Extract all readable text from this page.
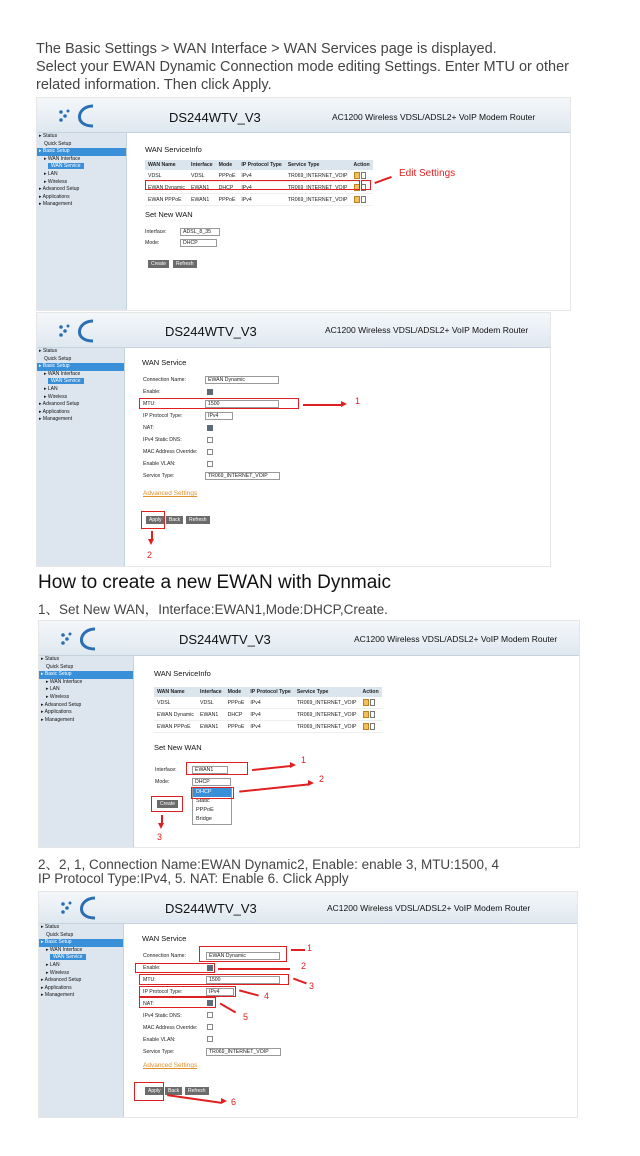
The Basic Settings > WAN Interface > WAN Services page is displayed.
Select your EWAN Dynamic Connection mode editing Settings. Enter MTU or other
related information. Then click Apply.
DS244WTV_V3	AC1200 Wireless VDSL/ADSL2+ VoIP Modem Router
▸ Status
Quick Setup
▸ Basic Setup
▸ WAN Interface
WAN Service
▸ LAN
▸ Wireless
▸ Advanced Setup
▸ Applications
▸ Management
WAN ServiceInfo
WAN Name	Interface	Mode	IP Protocol Type	Service Type	Action
VDSL	VDSL	PPPoE	IPv4	TR069_INTERNET_VOIP	
EWAN Dynamic	EWAN1	DHCP	IPv4	TR069_INTERNET_VOIP	
EWAN PPPoE	EWAN1	PPPoE	IPv4	TR069_INTERNET_VOIP	
Edit Settings
Set New WAN
Interface:	ADSL_8_35
Mode:	DHCP
Create	Refresh
DS244WTV_V3	AC1200 Wireless VDSL/ADSL2+ VoIP Modem Router
▸ Status
Quick Setup
▸ Basic Setup
▸ WAN Interface
WAN Service
▸ LAN
▸ Wireless
▸ Advanced Setup
▸ Applications
▸ Management
WAN Service
Connection Name:	EWAN Dynamic
Enable:
MTU:	1500	1
IP Protocol Type:	IPv4
NAT:
IPv4 Static DNS:
MAC Address Override:
Enable VLAN:
Service Type:	TR069_INTERNET_VOIP
Advanced Settings
Apply	Back	Refresh
2
How to create a new EWAN with Dynmaic
1、Set New WAN，Interface:EWAN1,Mode:DHCP,Create.
DS244WTV_V3	AC1200 Wireless VDSL/ADSL2+ VoIP Modem Router
▸ Status
Quick Setup
▸ Basic Setup
▸ WAN Interface
▸ LAN
▸ Wireless
▸ Advanced Setup
▸ Applications
▸ Management
WAN ServiceInfo
WAN Name	Interface	Mode	IP Protocol Type	Service Type	Action
VDSL	VDSL	PPPoE	IPv4	TR069_INTERNET_VOIP	
EWAN Dynamic	EWAN1	DHCP	IPv4	TR069_INTERNET_VOIP	
EWAN PPPoE	EWAN1	PPPoE	IPv4	TR069_INTERNET_VOIP	
Set New WAN
Interface:	EWAN1
1
Mode:	DHCP
DHCP
Static
PPPoE
Bridge
2
Create
3
2、2, 1, Connection Name:EWAN Dynamic2, Enable: enable 3, MTU:1500, 4
IP Protocol Type:IPv4, 5. NAT: Enable 6. Click Apply
DS244WTV_V3	AC1200 Wireless VDSL/ADSL2+ VoIP Modem Router
▸ Status
Quick Setup
▸ Basic Setup
▸ WAN Interface
WAN Service
▸ LAN
▸ Wireless
▸ Advanced Setup
▸ Applications
▸ Management
WAN Service
Connection Name:	EWAN Dynamic
1
Enable:	2
MTU:	1500
3
IP Protocol Type:	IPv4	4
NAT:
5
IPv4 Static DNS:
MAC Address Override:
Enable VLAN:
Service Type:	TR069_INTERNET_VOIP
Advanced Settings
Apply	Back	Refresh
6
